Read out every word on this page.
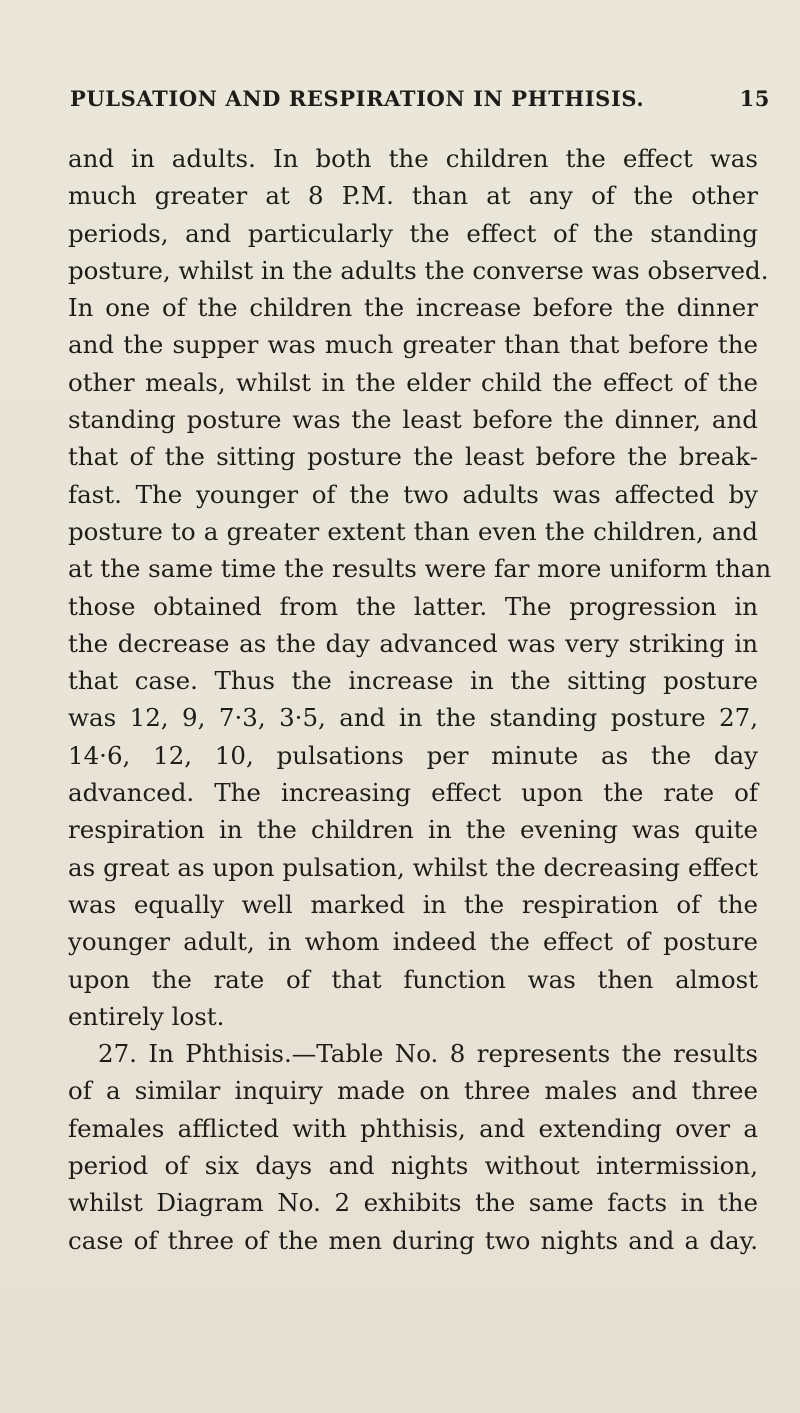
PULSATION AND RESPIRATION IN PHTHISIS.	15
and in adults. In both the children the effect was
much greater at 8 P.M. than at any of the other
periods, and particularly the effect of the standing
posture, whilst in the adults the converse was observed.
In one of the children the increase before the dinner
and the supper was much greater than that before the
other meals, whilst in the elder child the effect of the
standing posture was the least before the dinner, and
that of the sitting posture the least before the break-
fast. The younger of the two adults was affected by
posture to a greater extent than even the children, and
at the same time the results were far more uniform than
those obtained from the latter. The progression in
the decrease as the day advanced was very striking in
that case. Thus the increase in the sitting posture
was 12, 9, 7·3, 3·5, and in the standing posture 27,
14·6, 12, 10, pulsations per minute as the day
advanced. The increasing effect upon the rate of
respiration in the children in the evening was quite
as great as upon pulsation, whilst the decreasing effect
was equally well marked in the respiration of the
younger adult, in whom indeed the effect of posture
upon the rate of that function was then almost
entirely lost.
27. In Phthisis.—Table No. 8 represents the results
of a similar inquiry made on three males and three
females afflicted with phthisis, and extending over a
period of six days and nights without intermission,
whilst Diagram No. 2 exhibits the same facts in the
case of three of the men during two nights and a day.
